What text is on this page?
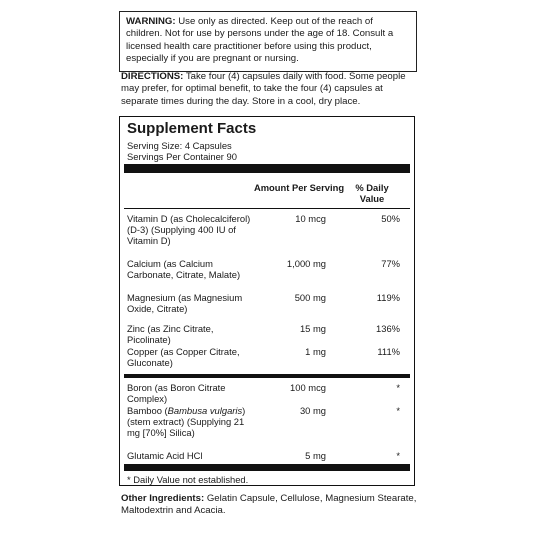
WARNING: Use only as directed. Keep out of the reach of children. Not for use by persons under the age of 18. Consult a licensed health care practitioner before using this product, especially if you are pregnant or nursing.
DIRECTIONS: Take four (4) capsules daily with food. Some people may prefer, for optimal benefit, to take the four (4) capsules at separate times during the day. Store in a cool, dry place.
Supplement Facts
Serving Size: 4 Capsules
Servings Per Container 90
Amount Per Serving	% Daily Value
Vitamin D (as Cholecalciferol) (D-3) (Supplying 400 IU of Vitamin D)
10 mcg	50%
Calcium (as Calcium Carbonate, Citrate, Malate)
1,000 mg	77%
Magnesium (as Magnesium Oxide, Citrate)
500 mg	119%
Zinc (as Zinc Citrate, Picolinate)
15 mg	136%
Copper (as Copper Citrate, Gluconate)
1 mg	111%
Boron (as Boron Citrate Complex)
100 mcg	*
Bamboo (Bambusa vulgaris) (stem extract) (Supplying 21 mg [70%] Silica)
30 mg	*
Glutamic Acid HCl	5 mg	*
* Daily Value not established.
Other Ingredients: Gelatin Capsule, Cellulose, Magnesium Stearate, Maltodextrin and Acacia.
